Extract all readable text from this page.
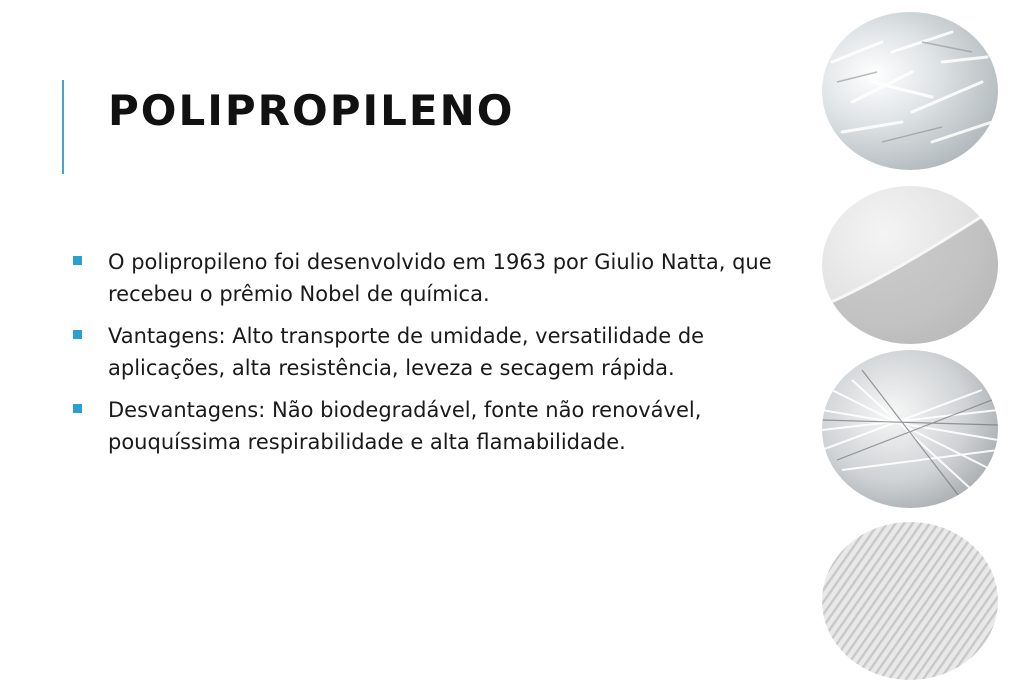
POLIPROPILENO
O polipropileno foi desenvolvido em 1963 por Giulio Natta, que recebeu o prêmio Nobel de química.
Vantagens: Alto transporte de umidade, versatilidade de aplicações, alta resistência, leveza e secagem rápida.
Desvantagens: Não biodegradável, fonte não renovável, pouquíssima respirabilidade e alta flamabilidade.
